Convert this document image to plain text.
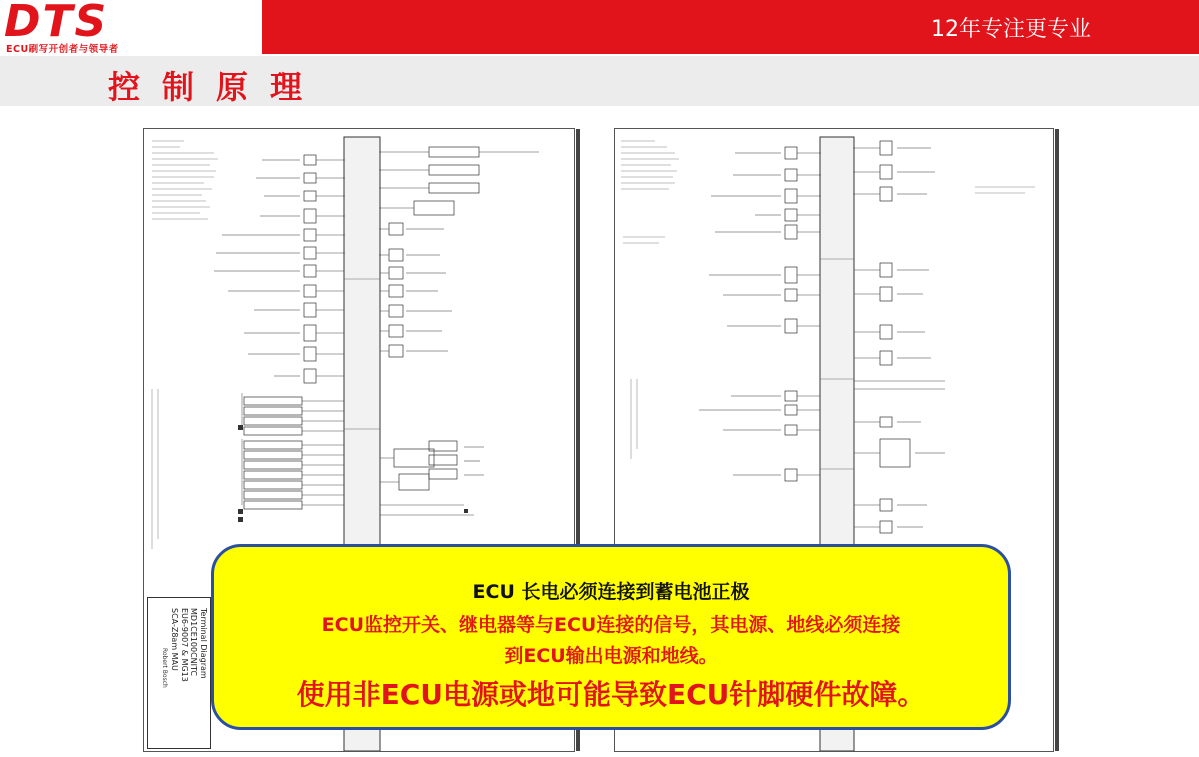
12年专注更专业
DTS
ECU刷写开创者与领导者
控制原理
Terminal Diagram
MD1CE100CNITC
EU6-9007 & MG13
SCA-Z8am MAU
Robert Bosch
ECU 长电必须连接到蓄电池正极
ECU监控开关、继电器等与ECU连接的信号，其电源、地线必须连接
到ECU输出电源和地线。
使用非ECU电源或地可能导致ECU针脚硬件故障。
